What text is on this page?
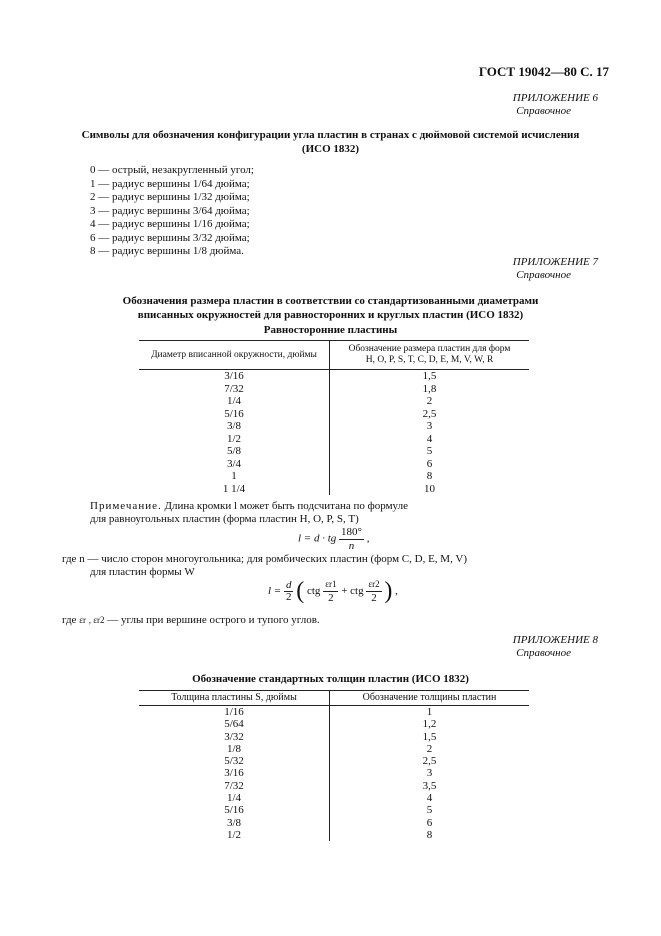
ГОСТ 19042—80 С. 17
ПРИЛОЖЕНИЕ 6
Справочное
Символы для обозначения конфигурации угла пластин в странах с дюймовой системой исчисления
(ИСО 1832)
0 — острый, незакругленный угол;
1 — радиус вершины 1/64 дюйма;
2 — радиус вершины 1/32 дюйма;
3 — радиус вершины 3/64 дюйма;
4 — радиус вершины 1/16 дюйма;
6 — радиус вершины 3/32 дюйма;
8 — радиус вершины 1/8 дюйма.
ПРИЛОЖЕНИЕ 7
Справочное
Обозначения размера пластин в соответствии со стандартизованными диаметрами
вписанных окружностей для равносторонних и круглых пластин (ИСО 1832)
Равносторонние пластины
Диаметр вписанной окружности, дюймы	Обозначение размера пластин для форм
H, O, P, S, T, C, D, E, M, V, W, R

3/16	1,5
7/32	1,8
1/4	2
5/16	2,5
3/8	3
1/2	4
5/8	5
3/4	6
1	8
1 1/4	10
Примечание. Длина кромки l может быть подсчитана по формуле
для равноугольных пластин (форма пластин H, O, P, S, T)
l = d · tg $\frac{180^\circ}{n}$ ,
где n — число сторон многоугольника; для ромбических пластин (форм C, D, E, M, V)
для пластин формы W
$l = \frac{d}{2}$ ( ctg $\frac{\varepsilon r1}{2}$ + ctg $\frac{\varepsilon r2}{2}$ ) ,
где εr , εr2 — углы при вершине острого и тупого углов.
ПРИЛОЖЕНИЕ 8
Справочное
Обозначение стандартных толщин пластин (ИСО 1832)
Толщина пластины S, дюймы	Обозначение толщины пластин
1/16	1
5/64	1,2
3/32	1,5
1/8	2
5/32	2,5
3/16	3
7/32	3,5
1/4	4
5/16	5
3/8	6
1/2	8
